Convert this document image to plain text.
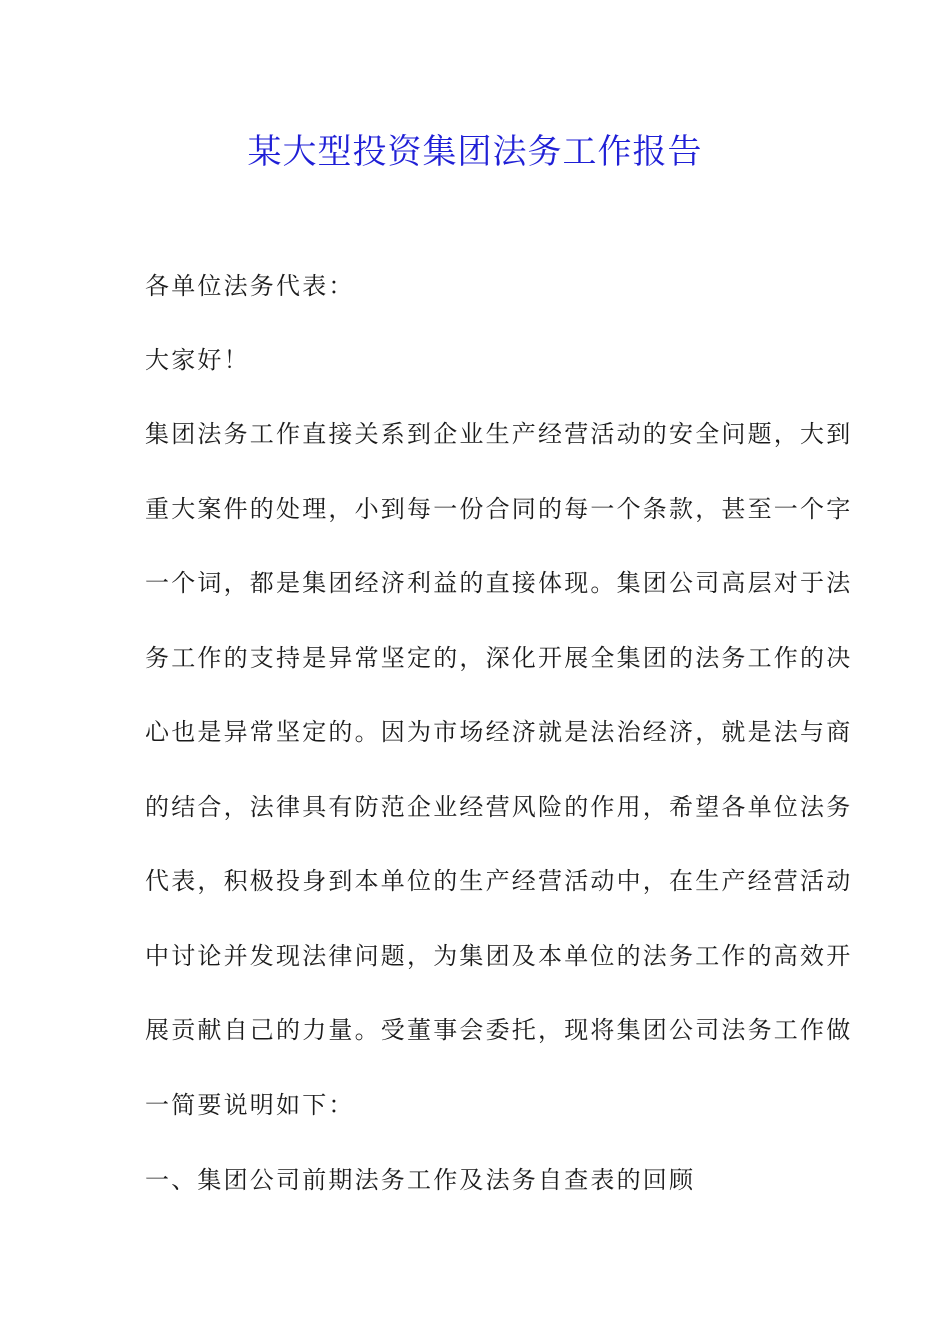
某大型投资集团法务工作报告
各单位法务代表：
大家好！
集团法务工作直接关系到企业生产经营活动的安全问题，大到
重大案件的处理，小到每一份合同的每一个条款，甚至一个字
一个词，都是集团经济利益的直接体现。集团公司高层对于法
务工作的支持是异常坚定的，深化开展全集团的法务工作的决
心也是异常坚定的。因为市场经济就是法治经济，就是法与商
的结合，法律具有防范企业经营风险的作用，希望各单位法务
代表，积极投身到本单位的生产经营活动中，在生产经营活动
中讨论并发现法律问题，为集团及本单位的法务工作的高效开
展贡献自己的力量。受董事会委托，现将集团公司法务工作做
一简要说明如下：
一、集团公司前期法务工作及法务自查表的回顾
